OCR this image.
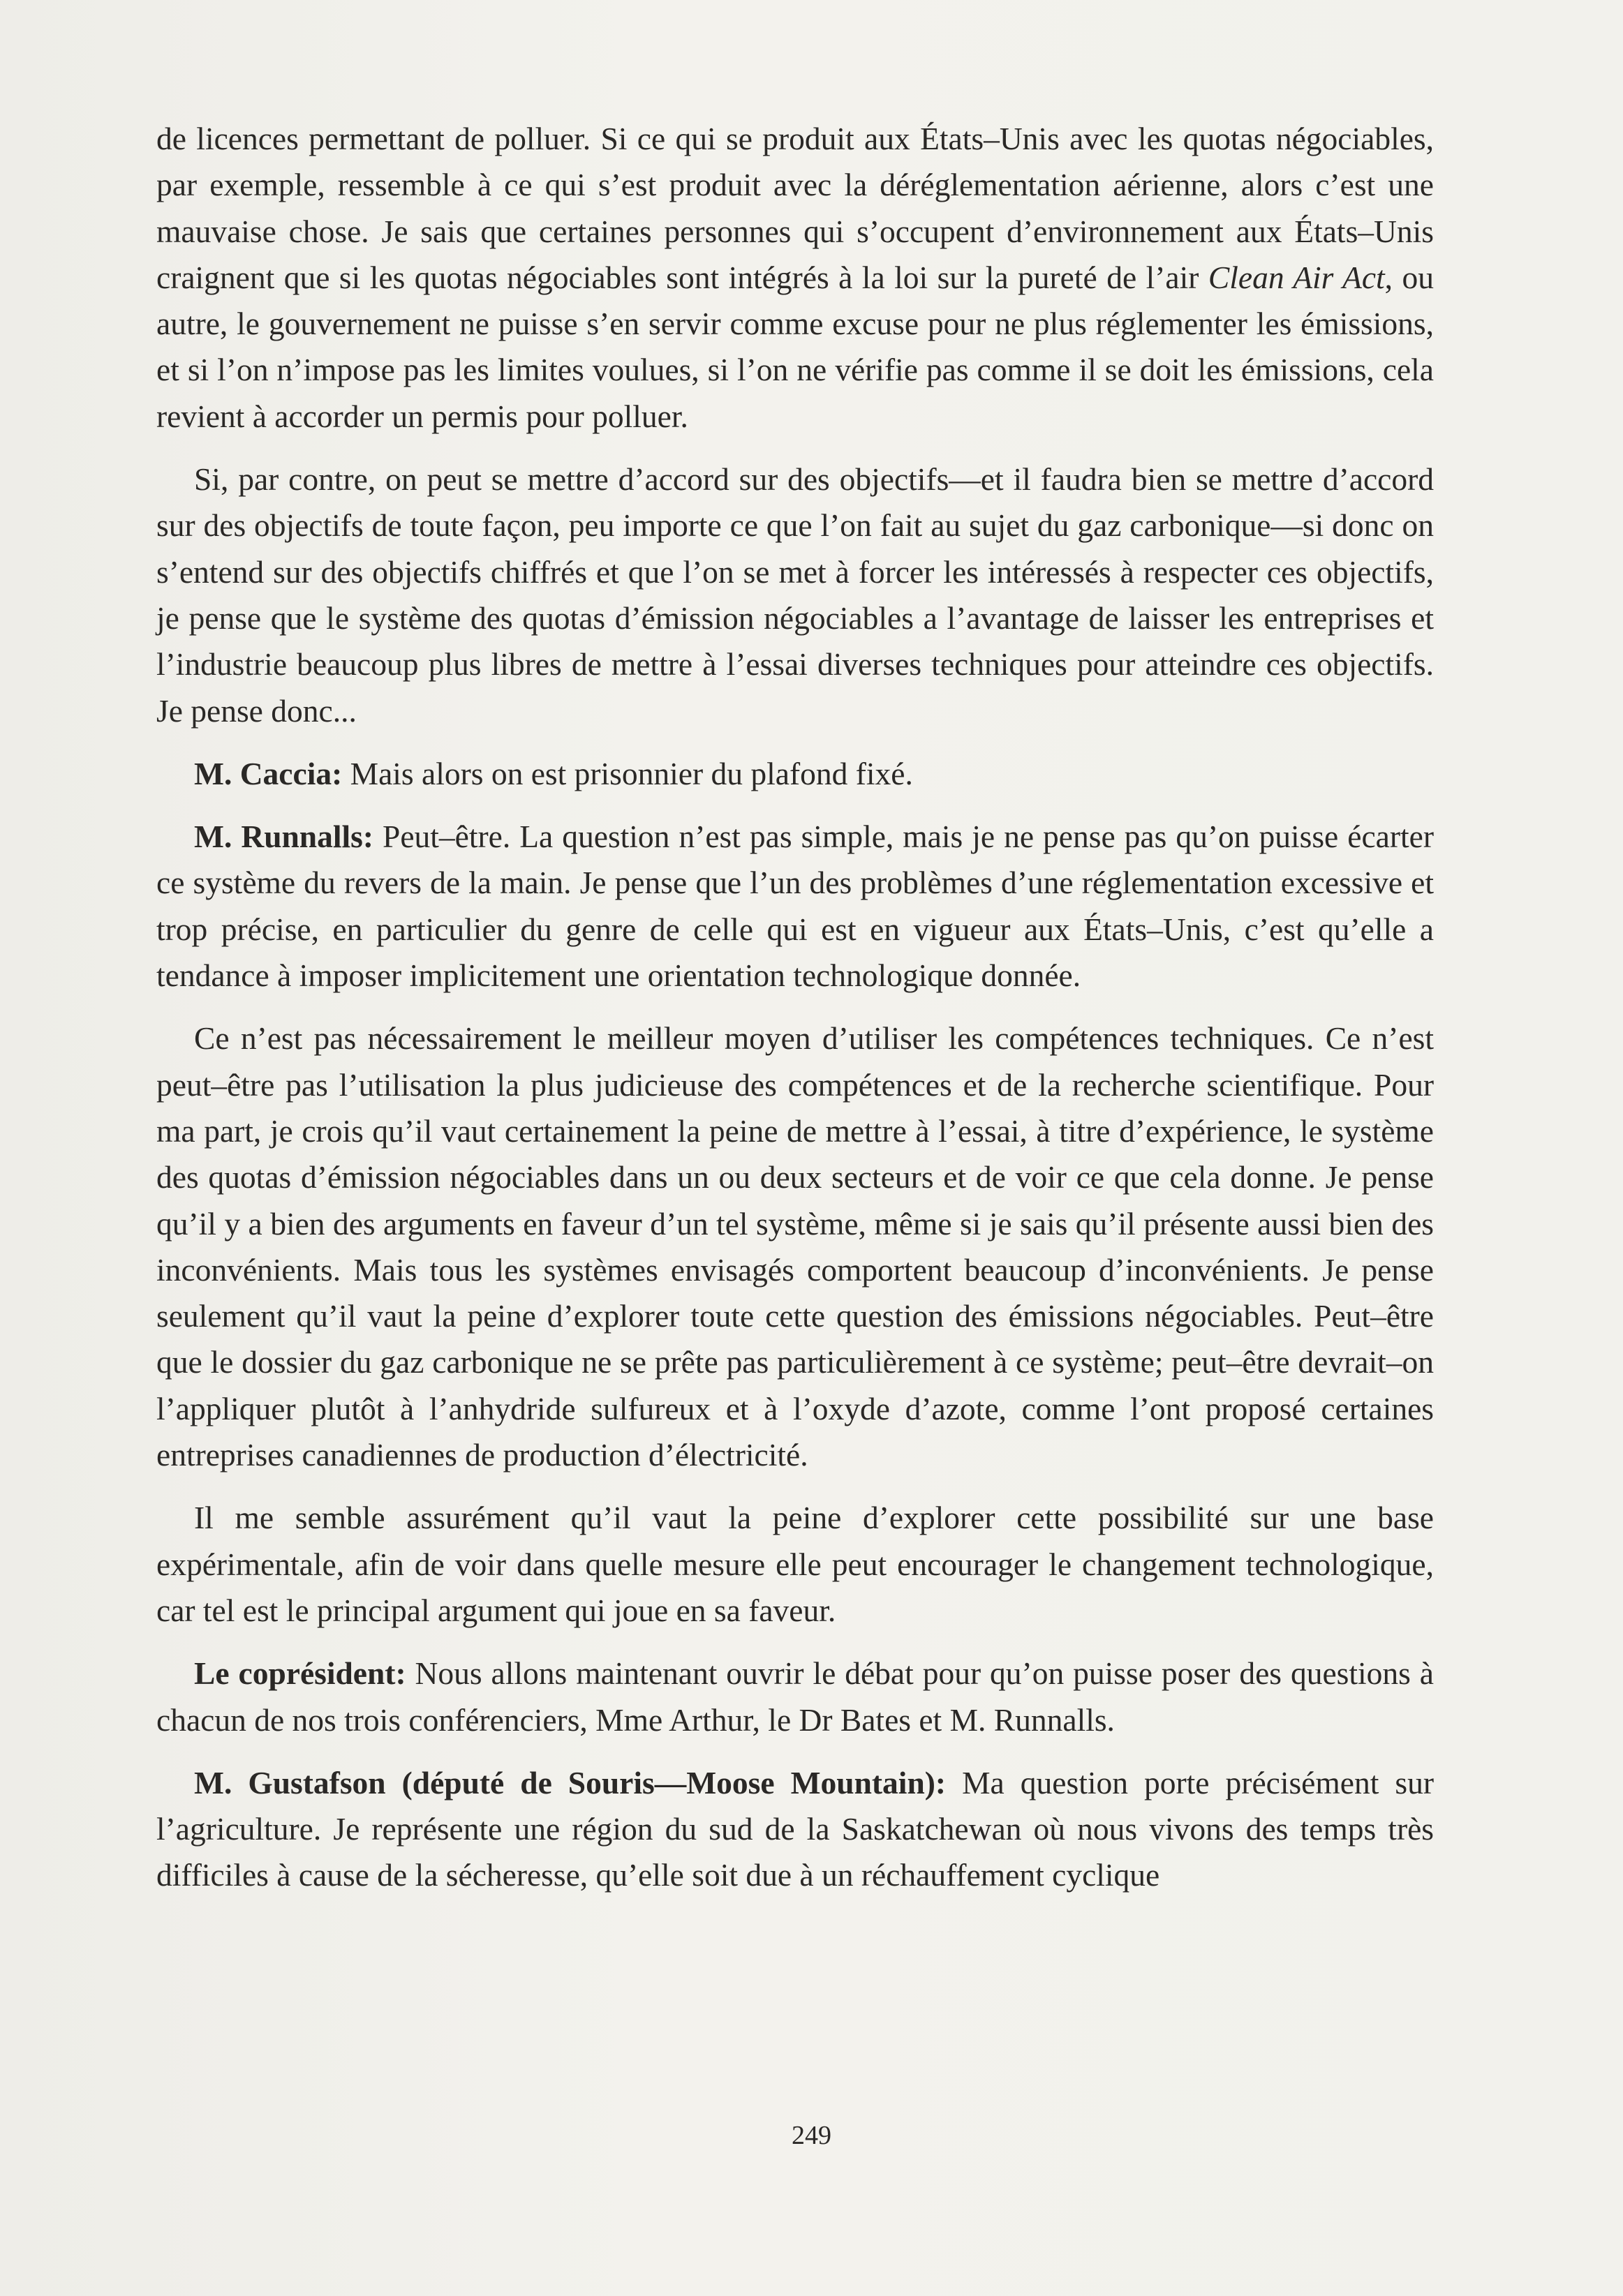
de licences permettant de polluer. Si ce qui se produit aux États–Unis avec les quotas négociables, par exemple, ressemble à ce qui s’est produit avec la déréglementation aérienne, alors c’est une mauvaise chose. Je sais que certaines personnes qui s’occupent d’environnement aux États–Unis craignent que si les quotas négociables sont intégrés à la loi sur la pureté de l’air Clean Air Act, ou autre, le gouvernement ne puisse s’en servir comme excuse pour ne plus réglementer les émissions, et si l’on n’impose pas les limites voulues, si l’on ne vérifie pas comme il se doit les émissions, cela revient à accorder un permis pour polluer.

Si, par contre, on peut se mettre d’accord sur des objectifs—et il faudra bien se mettre d’accord sur des objectifs de toute façon, peu importe ce que l’on fait au sujet du gaz carbonique—si donc on s’entend sur des objectifs chiffrés et que l’on se met à forcer les intéressés à respecter ces objectifs, je pense que le système des quotas d’émission négociables a l’avantage de laisser les entreprises et l’industrie beaucoup plus libres de mettre à l’essai diverses techniques pour atteindre ces objectifs. Je pense donc...

M. Caccia: Mais alors on est prisonnier du plafond fixé.

M. Runnalls: Peut–être. La question n’est pas simple, mais je ne pense pas qu’on puisse écarter ce système du revers de la main. Je pense que l’un des problèmes d’une réglementation excessive et trop précise, en particulier du genre de celle qui est en vigueur aux États–Unis, c’est qu’elle a tendance à imposer implicitement une orientation technologique donnée.

Ce n’est pas nécessairement le meilleur moyen d’utiliser les compétences techniques. Ce n’est peut–être pas l’utilisation la plus judicieuse des compétences et de la recherche scientifique. Pour ma part, je crois qu’il vaut certainement la peine de mettre à l’essai, à titre d’expérience, le système des quotas d’émission négociables dans un ou deux secteurs et de voir ce que cela donne. Je pense qu’il y a bien des arguments en faveur d’un tel système, même si je sais qu’il présente aussi bien des inconvénients. Mais tous les systèmes envisagés comportent beaucoup d’inconvénients. Je pense seulement qu’il vaut la peine d’explorer toute cette question des émissions négociables. Peut–être que le dossier du gaz carbonique ne se prête pas particulièrement à ce système; peut–être devrait–on l’appliquer plutôt à l’anhydride sulfureux et à l’oxyde d’azote, comme l’ont proposé certaines entreprises canadiennes de production d’électricité.

Il me semble assurément qu’il vaut la peine d’explorer cette possibilité sur une base expérimentale, afin de voir dans quelle mesure elle peut encourager le changement technologique, car tel est le principal argument qui joue en sa faveur.

Le coprésident: Nous allons maintenant ouvrir le débat pour qu’on puisse poser des questions à chacun de nos trois conférenciers, Mme Arthur, le Dr Bates et M. Runnalls.

M. Gustafson (député de Souris—Moose Mountain): Ma question porte précisément sur l’agriculture. Je représente une région du sud de la Saskatchewan où nous vivons des temps très difficiles à cause de la sécheresse, qu’elle soit due à un réchauffement cyclique

249
